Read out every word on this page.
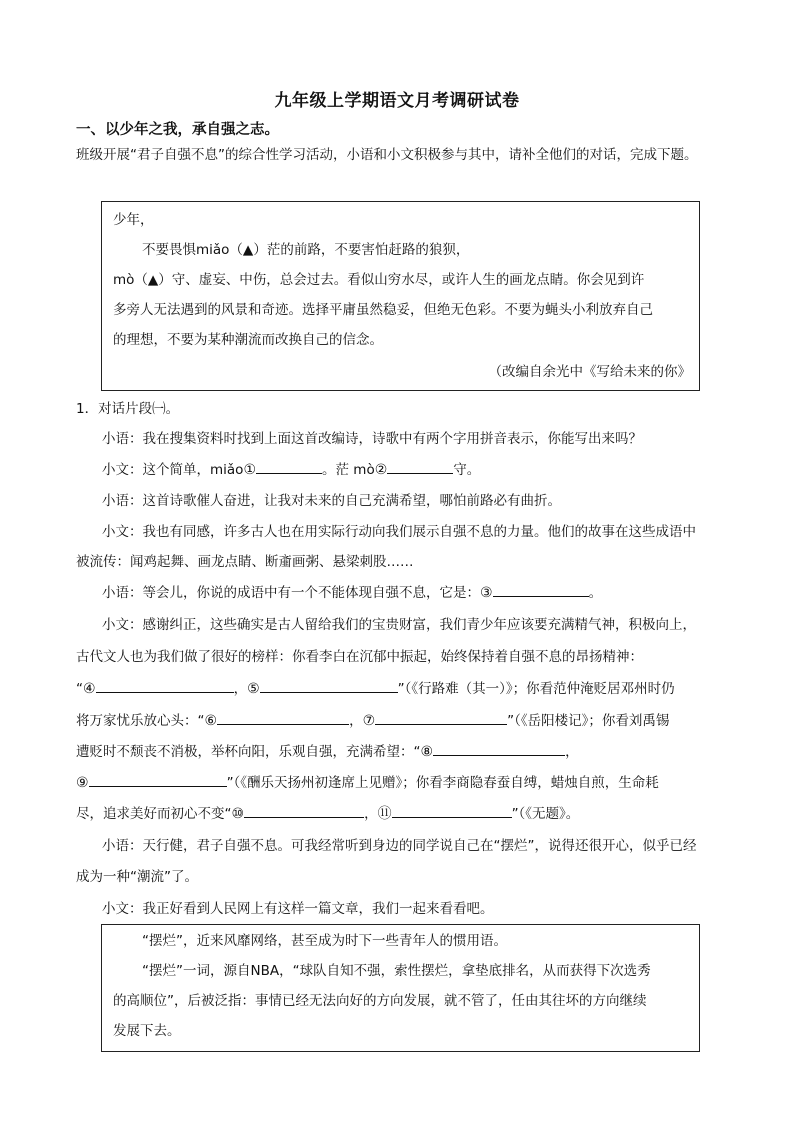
九年级上学期语文月考调研试卷
一、以少年之我，承自强之志。
班级开展“君子自强不息”的综合性学习活动，小语和小文积极参与其中，请补全他们的对话，完成下题。
少年，
不要畏惧miǎo（▲）茫的前路，不要害怕赶路的狼狈，
mò（▲）守、虚妄、中伤，总会过去。看似山穷水尽，或许人生的画龙点睛。你会见到许
多旁人无法遇到的风景和奇迹。选择平庸虽然稳妥，但绝无色彩。不要为蝇头小利放弃自己
的理想，不要为某种潮流而改换自己的信念。
（改编自余光中《写给未来的你》
1．对话片段㈠。
小语：我在搜集资料时找到上面这首改编诗，诗歌中有两个字用拼音表示，你能写出来吗？
小文：这个简单，miǎo①	。茫 mò②	守。
小语：这首诗歌催人奋进，让我对未来的自己充满希望，哪怕前路必有曲折。
小文：我也有同感，许多古人也在用实际行动向我们展示自强不息的力量。他们的故事在这些成语中
被流传：闻鸡起舞、画龙点睛、断齑画粥、悬梁刺股……
小语：等会儿，你说的成语中有一个不能体现自强不息，它是：③	。
小文：感谢纠正，这些确实是古人留给我们的宝贵财富，我们青少年应该要充满精气神，积极向上，
古代文人也为我们做了很好的榜样：你看李白在沉郁中振起，始终保持着自强不息的昂扬精神：
“④	，⑤	”（《行路难（其一）》；你看范仲淹贬居邓州时仍
将万家忧乐放心头：“⑥	，⑦	”（《岳阳楼记》；你看刘禹锡
遭贬时不颓丧不消极，举杯向阳，乐观自强，充满希望：“⑧	，
⑨	”（《酬乐天扬州初逢席上见赠》；你看李商隐春蚕自缚，蜡烛自煎，生命耗
尽，追求美好而初心不变“⑩	，⑪	”（《无题》。
小语：天行健，君子自强不息。可我经常听到身边的同学说自己在“摆烂”，说得还很开心，似乎已经
成为一种“潮流”了。
小文：我正好看到人民网上有这样一篇文章，我们一起来看看吧。
“摆烂”，近来风靡网络，甚至成为时下一些青年人的惯用语。
“摆烂”一词，源自NBA，“球队自知不强，索性摆烂，拿垫底排名，从而获得下次选秀
的高顺位”，后被泛指：事情已经无法向好的方向发展，就不管了，任由其往坏的方向继续
发展下去。
